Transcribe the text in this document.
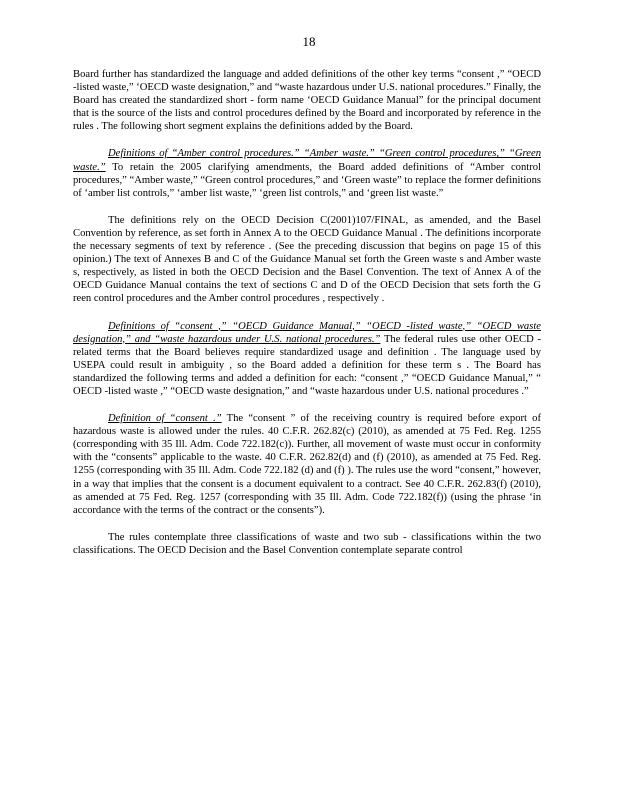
18

Board further has standardized the language and added definitions of the other key terms “consent ,” “OECD -listed waste,” ‘OECD waste designation,” and “waste hazardous under U.S. national procedures.” Finally, the Board has created the standardized short - form name ‘OECD Guidance Manual” for the principal document that is the source of the lists and control procedures defined by the Board and incorporated by reference in the rules . The following short segment explains the definitions added by the Board.

Definitions of “Amber control procedures.” “Amber waste.” “Green control procedures,” “Green waste.” To retain the 2005 clarifying amendments, the Board added definitions of “Amber control procedures,” “Amber waste,” “Green control procedures,” and ‘Green waste” to replace the former definitions of ‘amber list controls,” ‘amber list waste,” ‘green list controls,” and ‘green list waste.”

The definitions rely on the OECD Decision C(2001)107/FINAL, as amended, and the Basel Convention by reference, as set forth in Annex A to the OECD Guidance Manual . The definitions incorporate the necessary segments of text by reference . (See the preceding discussion that begins on page 15 of this opinion.) The text of Annexes B and C of the Guidance Manual set forth the Green waste s and Amber waste s, respectively, as listed in both the OECD Decision and the Basel Convention. The text of Annex A of the OECD Guidance Manual contains the text of sections C and D of the OECD Decision that sets forth the G reen control procedures and the Amber control procedures , respectively .

Definitions of “consent ,” “OECD Guidance Manual,” “OECD -listed waste,” “OECD waste designation,” and “waste hazardous under U.S. national procedures.” The federal rules use other OECD -related terms that the Board believes require standardized usage and definition . The language used by USEPA could result in ambiguity , so the Board added a definition for these term s . The Board has standardized the following terms and added a definition for each: “consent ,” “OECD Guidance Manual,” “ OECD -listed waste ,” “OECD waste designation,” and “waste hazardous under U.S. national procedures .”

Definition of “consent .” The “consent ” of the receiving country is required before export of hazardous waste is allowed under the rules. 40 C.F.R. 262.82(c) (2010), as amended at 75 Fed. Reg. 1255 (corresponding with 35 Ill. Adm. Code 722.182(c)). Further, all movement of waste must occur in conformity with the “consents” applicable to the waste. 40 C.F.R. 262.82(d) and (f) (2010), as amended at 75 Fed. Reg. 1255 (corresponding with 35 Ill. Adm. Code 722.182 (d) and (f) ). The rules use the word “consent,” however, in a way that implies that the consent is a document equivalent to a contract. See 40 C.F.R. 262.83(f) (2010), as amended at 75 Fed. Reg. 1257 (corresponding with 35 Ill. Adm. Code 722.182(f)) (using the phrase ‘in accordance with the terms of the contract or the consents”).

The rules contemplate three classifications of waste and two sub - classifications within the two classifications. The OECD Decision and the Basel Convention contemplate separate control
